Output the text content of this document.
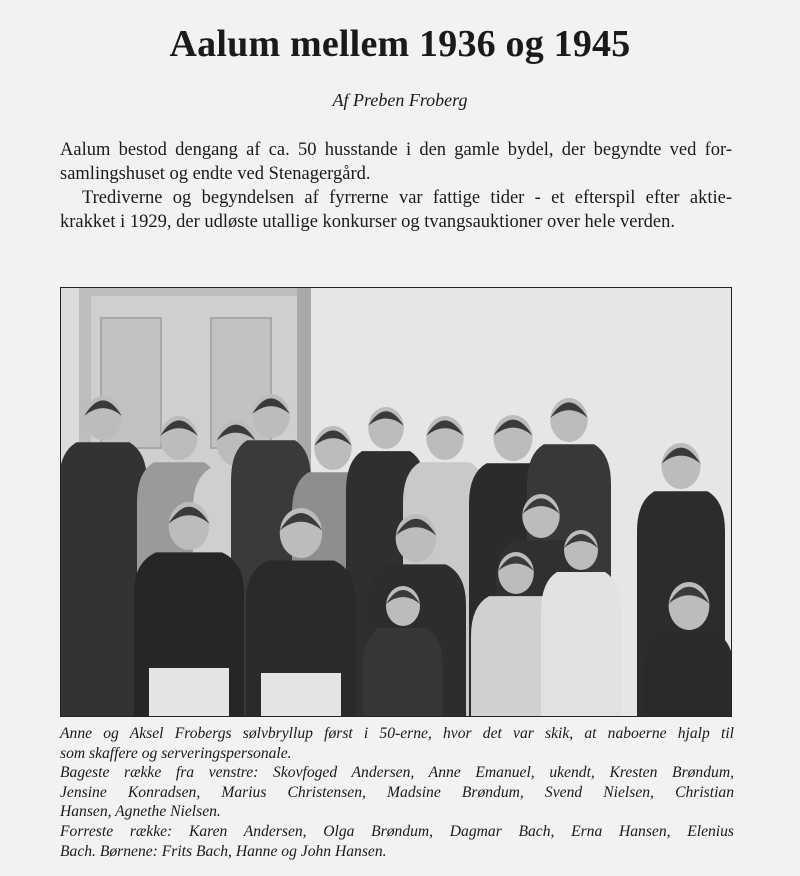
Aalum mellem 1936 og 1945
Af Preben Froberg

Aalum bestod dengang af ca. 50 husstande i den gamle bydel, der begyndte ved for-
samlingshuset og endte ved Stenagergård.

Trediverne og begyndelsen af fyrrerne var fattige tider - et efterspil efter aktie-
krakket i 1929, der udløste utallige konkurser og tvangsauktioner over hele verden.

Anne og Aksel Frobergs sølvbryllup først i 50-erne, hvor det var skik, at naboerne hjalp til
som skaffere og serveringspersonale.
Bageste række fra venstre: Skovfoged Andersen, Anne Emanuel, ukendt, Kresten Brøndum,
Jensine Konradsen, Marius Christensen, Madsine Brøndum, Svend Nielsen, Christian
Hansen, Agnethe Nielsen.
Forreste række: Karen Andersen, Olga Brøndum, Dagmar Bach, Erna Hansen, Elenius
Bach. Børnene: Frits Bach, Hanne og John Hansen.
